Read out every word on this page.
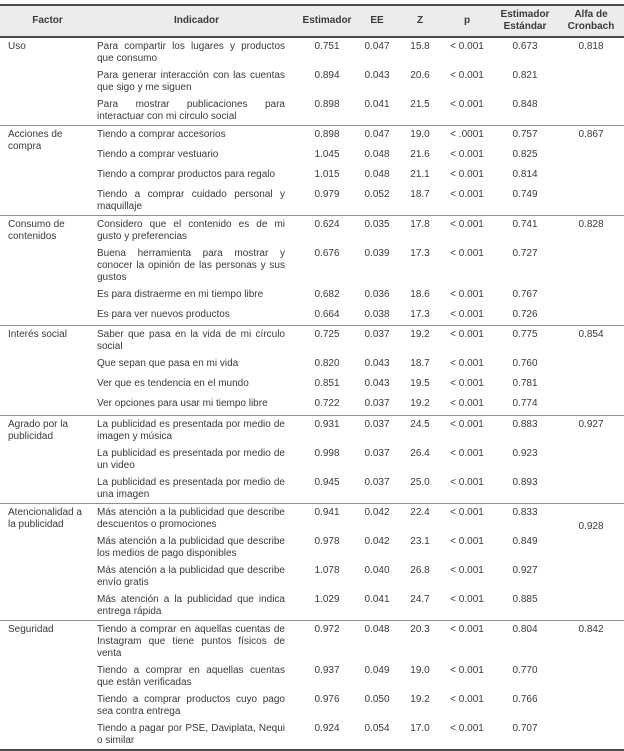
Factor	Indicador	Estimador	EE	Z	p	Estimador Estándar	Alfa de Cronbach
Uso	Para compartir los lugares y productos que consumo	0.751	0.047	15.8	< 0.001	0.673	0.818
	Para generar interacción con las cuentas que sigo y me siguen	0.894	0.043	20.6	< 0.001	0.821	
	Para mostrar publicaciones para interactuar con mi circulo social	0.898	0.041	21.5	< 0.001	0.848	
Acciones de compra	Tiendo a comprar accesorios	0.898	0.047	19.0	< .0001	0.757	0.867
	Tiendo a comprar vestuario	1.045	0.048	21.6	< 0.001	0.825	
	Tiendo a comprar productos para regalo	1.015	0.048	21.1	< 0.001	0.814	
	Tiendo a comprar cuidado personal y maquillaje	0.979	0.052	18.7	< 0.001	0.749	
Consumo de contenidos	Considero que el contenido es de mi gusto y preferencias	0.624	0.035	17.8	< 0.001	0.741	0.828
	Buena herramienta para mostrar y conocer la opinión de las personas y sus gustos	0.676	0.039	17.3	< 0.001	0.727	
	Es para distraerme en mi tiempo libre	0.682	0.036	18.6	< 0.001	0.767	
	Es para ver nuevos productos	0.664	0.038	17.3	< 0.001	0.726	
Interés social	Saber que pasa en la vida de mi círculo social	0.725	0.037	19.2	< 0.001	0.775	0.854
	Que sepan que pasa en mi vida	0.820	0.043	18.7	< 0.001	0.760	
	Ver que es tendencia en el mundo	0.851	0.043	19.5	< 0.001	0.781	
	Ver opciones para usar mi tiempo libre	0.722	0.037	19.2	< 0.001	0.774	
Agrado por la publicidad	La publicidad es presentada por medio de imagen y música	0.931	0.037	24.5	< 0.001	0.883	0.927
	La publicidad es presentada por medio de un video	0.998	0.037	26.4	< 0.001	0.923	
	La publicidad es presentada por medio de una imagen	0.945	0.037	25.0	< 0.001	0.893	
Atencionalidad a la publicidad	Más atención a la publicidad que describe descuentos o promociones	0.941	0.042	22.4	< 0.001	0.833	0.928
	Más atención a la publicidad que describe los medios de pago disponibles	0.978	0.042	23.1	< 0.001	0.849	
	Más atención a la publicidad que describe envío gratis	1.078	0.040	26.8	< 0.001	0.927	
	Más atención a la publicidad que indica entrega rápida	1.029	0.041	24.7	< 0.001	0.885	
Seguridad	Tiendo a comprar en aquellas cuentas de Instagram que tiene puntos físicos de venta	0.972	0.048	20.3	< 0.001	0.804	0.842
	Tiendo a comprar en aquellas cuentas que están verificadas	0.937	0.049	19.0	< 0.001	0.770	
	Tiendo a comprar productos cuyo pago sea contra entrega	0.976	0.050	19.2	< 0.001	0.766	
	Tiendo a pagar por PSE, Daviplata, Nequi o similar	0.924	0.054	17.0	< 0.001	0.707	
